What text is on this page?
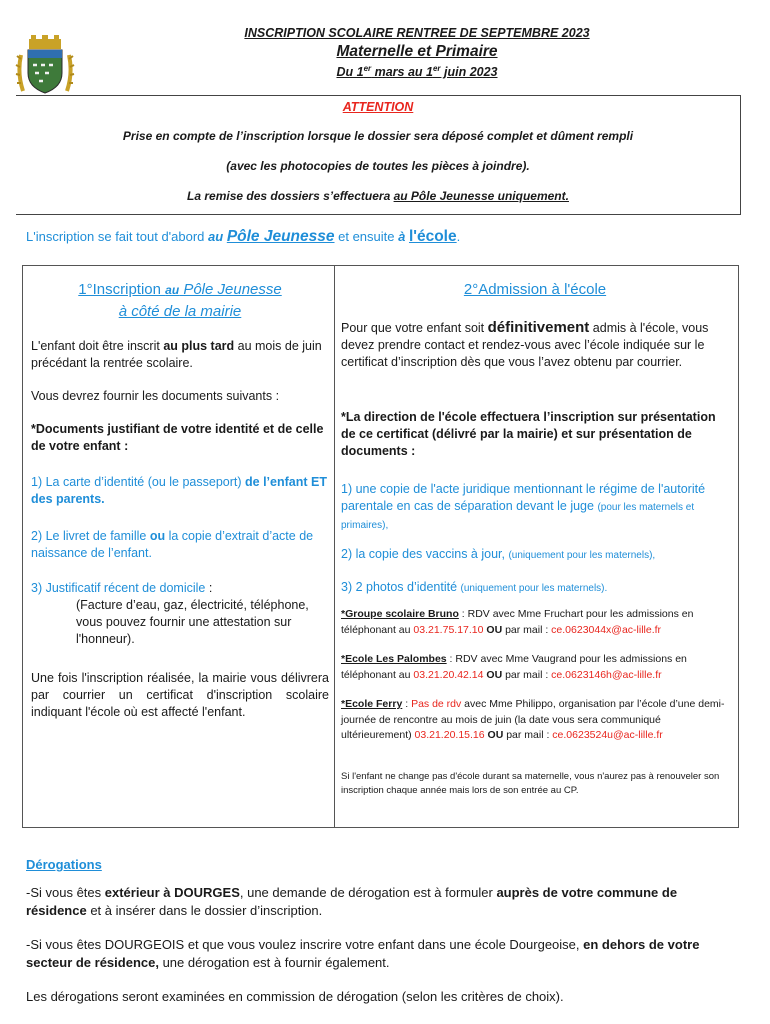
INSCRIPTION SCOLAIRE RENTREE DE SEPTEMBRE 2023
Maternelle et Primaire
Du 1er mars au 1er juin 2023
ATTENTION
Prise en compte de l’inscription lorsque le dossier sera déposé complet et dûment rempli
(avec les photocopies de toutes les pièces à joindre).
La remise des dossiers s’effectuera au Pôle Jeunesse uniquement.
L'inscription se fait tout d'abord au Pôle Jeunesse et ensuite à l'école.
1°Inscription au Pôle Jeunesse
à côté de la mairie

L'enfant doit être inscrit au plus tard au mois de juin précédant la rentrée scolaire.

Vous devrez fournir les documents suivants :

*Documents justifiant de votre identité et de celle de votre enfant :

1) La carte d’identité (ou le passeport) de l’enfant ET des parents.

2) Le livret de famille ou la copie d’extrait d’acte de naissance de l’enfant.

3) Justificatif récent de domicile :

(Facture d’eau, gaz, électricité, téléphone, vous pouvez fournir une attestation sur l'honneur).

Une fois l'inscription réalisée, la mairie vous délivrera par courrier un certificat d'inscription scolaire indiquant l'école où est affecté l'enfant.

2°Admission à l'école

Pour que votre enfant soit définitivement admis à l'école, vous devez prendre contact et rendez-vous avec l’école indiquée sur le certificat d’inscription dès que vous l’avez obtenu par courrier.

*La direction de l'école effectuera l’inscription sur présentation de ce certificat (délivré par la mairie) et sur présentation de documents :

1) une copie de l'acte juridique mentionnant le régime de l'autorité parentale en cas de séparation devant le juge (pour les maternels et primaires),

2) la copie des vaccins à jour, (uniquement pour les maternels),

3) 2 photos d’identité (uniquement pour les maternels).

*Groupe scolaire Bruno : RDV avec Mme Fruchart pour les admissions en téléphonant au 03.21.75.17.10 OU par mail : ce.0623044x@ac-lille.fr

*Ecole Les Palombes : RDV avec Mme Vaugrand pour les admissions en téléphonant au 03.21.20.42.14 OU par mail : ce.0623146h@ac-lille.fr

*Ecole Ferry : Pas de rdv avec Mme Philippo, organisation par l’école d’une demi-journée de rencontre au mois de juin (la date vous sera communiqué ultérieurement) 03.21.20.15.16 OU par mail : ce.0623524u@ac-lille.fr

Si l'enfant ne change pas d'école durant sa maternelle, vous n'aurez pas à renouveler son inscription chaque année mais lors de son entrée au CP.

Dérogations

-Si vous êtes extérieur à DOURGES, une demande de dérogation est à formuler auprès de votre commune de résidence et à insérer dans le dossier d’inscription.

-Si vous êtes DOURGEOIS et que vous voulez inscrire votre enfant dans une école Dourgeoise, en dehors de votre secteur de résidence, une dérogation est à fournir également.

Les dérogations seront examinées en commission de dérogation (selon les critères de choix).
